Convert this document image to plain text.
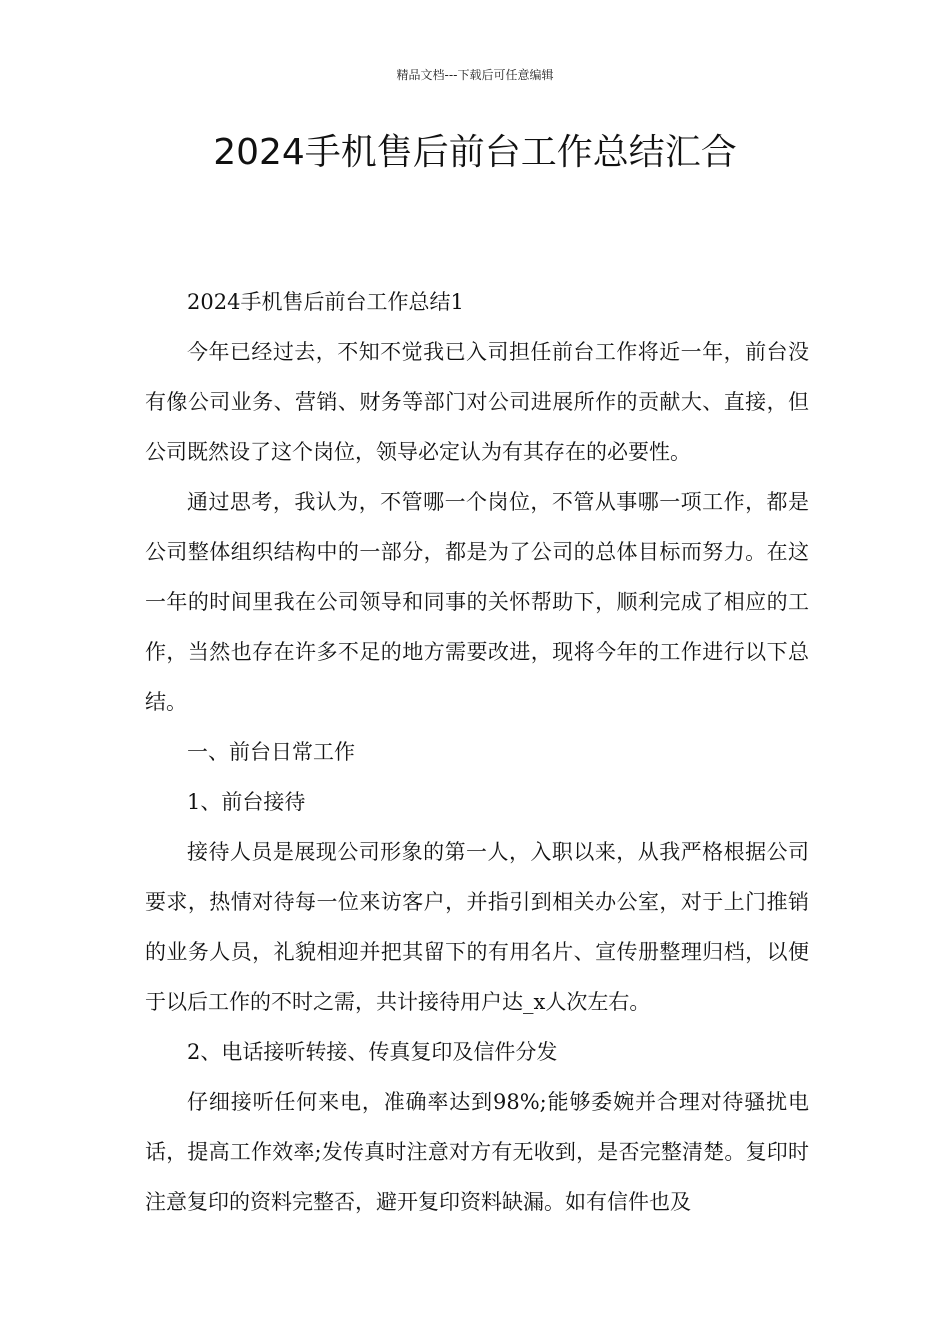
精品文档---下载后可任意编辑
2024手机售后前台工作总结汇合

2024手机售后前台工作总结1

今年已经过去，不知不觉我已入司担任前台工作将近一年，前台没有像公司业务、营销、财务等部门对公司进展所作的贡献大、直接，但公司既然设了这个岗位，领导必定认为有其存在的必要性。

通过思考，我认为，不管哪一个岗位，不管从事哪一项工作，都是公司整体组织结构中的一部分，都是为了公司的总体目标而努力。在这一年的时间里我在公司领导和同事的关怀帮助下，顺利完成了相应的工作，当然也存在许多不足的地方需要改进，现将今年的工作进行以下总结。

一、前台日常工作

1、前台接待

接待人员是展现公司形象的第一人，入职以来，从我严格根据公司要求，热情对待每一位来访客户，并指引到相关办公室，对于上门推销的业务人员，礼貌相迎并把其留下的有用名片、宣传册整理归档，以便于以后工作的不时之需，共计接待用户达_x人次左右。

2、电话接听转接、传真复印及信件分发

仔细接听任何来电，准确率达到98%;能够委婉并合理对待骚扰电话，提高工作效率;发传真时注意对方有无收到，是否完整清楚。复印时注意复印的资料完整否，避开复印资料缺漏。如有信件也及
